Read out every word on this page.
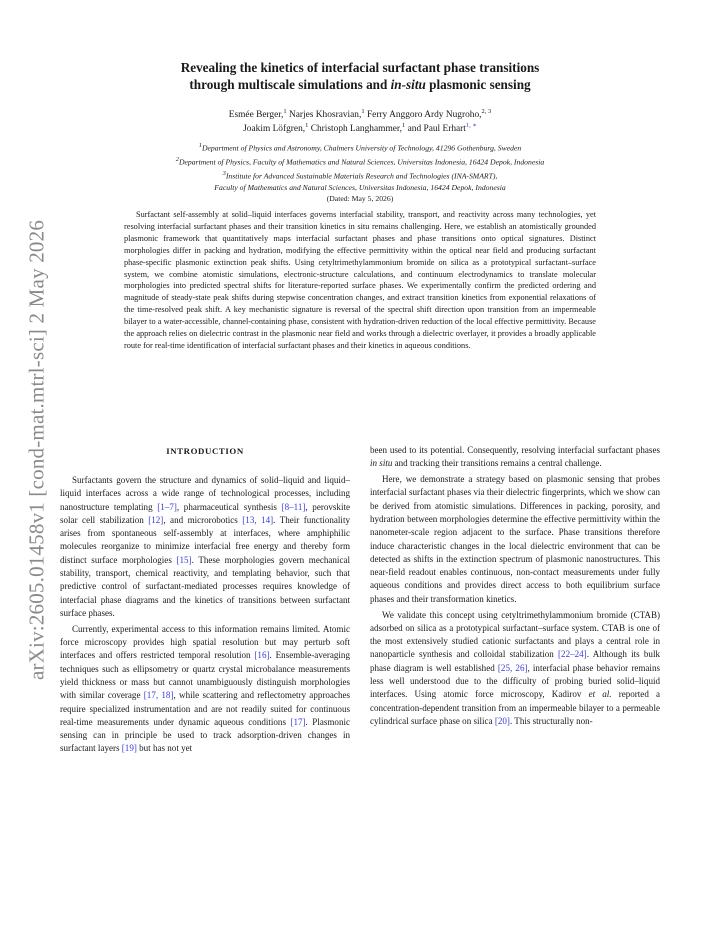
arXiv:2605.01458v1 [cond-mat.mtrl-sci] 2 May 2026
Revealing the kinetics of interfacial surfactant phase transitions
through multiscale simulations and in-situ plasmonic sensing
Esmée Berger,$^1$ Narjes Khosravian,$^1$ Ferry Anggoro Ardy Nugroho,$^{2, 3}$
Joakim Löfgren,$^1$ Christoph Langhammer,$^1$ and Paul Erhart$^{1, ∗}$
$^1$Department of Physics and Astronomy, Chalmers University of Technology, 41296 Gothenburg, Sweden
$^2$Department of Physics, Faculty of Mathematics and Natural Sciences, Universitas Indonesia, 16424 Depok, Indonesia
$^3$Institute for Advanced Sustainable Materials Research and Technologies (INA-SMART),
Faculty of Mathematics and Natural Sciences, Universitas Indonesia, 16424 Depok, Indonesia
(Dated: May 5, 2026)

Surfactant self-assembly at solid–liquid interfaces governs interfacial stability, transport, and reactivity across many technologies, yet resolving interfacial surfactant phases and their transition kinetics in situ remains challenging. Here, we establish an atomistically grounded plasmonic framework that quantitatively maps interfacial surfactant phases and phase transitions onto optical signatures. Distinct morphologies differ in packing and hydration, modifying the effective permittivity within the optical near field and producing surfactant phase-specific plasmonic extinction peak shifts. Using cetyltrimethylammonium bromide on silica as a prototypical surfactant–surface system, we combine atomistic simulations, electronic-structure calculations, and continuum electrodynamics to translate molecular morphologies into predicted spectral shifts for literature-reported surface phases. We experimentally confirm the predicted ordering and magnitude of steady-state peak shifts during stepwise concentration changes, and extract transition kinetics from exponential relaxations of the time-resolved peak shift. A key mechanistic signature is reversal of the spectral shift direction upon transition from an impermeable bilayer to a water-accessible, channel-containing phase, consistent with hydration-driven reduction of the local effective permittivity. Because the approach relies on dielectric contrast in the plasmonic near field and works through a dielectric overlayer, it provides a broadly applicable route for real-time identification of interfacial surfactant phases and their kinetics in aqueous conditions.

INTRODUCTION

Surfactants govern the structure and dynamics of solid–liquid and liquid–liquid interfaces across a wide range of technological processes, including nanostructure templating [1–7], pharmaceutical synthesis [8–11], perovskite solar cell stabilization [12], and microrobotics [13, 14]. Their functionality arises from spontaneous self-assembly at interfaces, where amphiphilic molecules reorganize to minimize interfacial free energy and thereby form distinct surface morphologies [15]. These morphologies govern mechanical stability, transport, chemical reactivity, and templating behavior, such that predictive control of surfactant-mediated processes requires knowledge of interfacial phase diagrams and the kinetics of transitions between surfactant surface phases.

Currently, experimental access to this information remains limited. Atomic force microscopy provides high spatial resolution but may perturb soft interfaces and offers restricted temporal resolution [16]. Ensemble-averaging techniques such as ellipsometry or quartz crystal microbalance measurements yield thickness or mass but cannot unambiguously distinguish morphologies with similar coverage [17, 18], while scattering and reflectometry approaches require specialized instrumentation and are not readily suited for continuous real-time measurements under dynamic aqueous conditions [17]. Plasmonic sensing can in principle be used to track adsorption-driven changes in surfactant layers [19] but has not yet

been used to its potential. Consequently, resolving interfacial surfactant phases in situ and tracking their transitions remains a central challenge.

Here, we demonstrate a strategy based on plasmonic sensing that probes interfacial surfactant phases via their dielectric fingerprints, which we show can be derived from atomistic simulations. Differences in packing, porosity, and hydration between morphologies determine the effective permittivity within the nanometer-scale region adjacent to the surface. Phase transitions therefore induce characteristic changes in the local dielectric environment that can be detected as shifts in the extinction spectrum of plasmonic nanostructures. This near-field readout enables continuous, non-contact measurements under fully aqueous conditions and provides direct access to both equilibrium surface phases and their transformation kinetics.

We validate this concept using cetyltrimethylammonium bromide (CTAB) adsorbed on silica as a prototypical surfactant–surface system. CTAB is one of the most extensively studied cationic surfactants and plays a central role in nanoparticle synthesis and colloidal stabilization [22–24]. Although its bulk phase diagram is well established [25, 26], interfacial phase behavior remains less well understood due to the difficulty of probing buried solid–liquid interfaces. Using atomic force microscopy, Kadirov et al. reported a concentration-dependent transition from an impermeable bilayer to a permeable cylindrical surface phase on silica [20]. This structurally non-
